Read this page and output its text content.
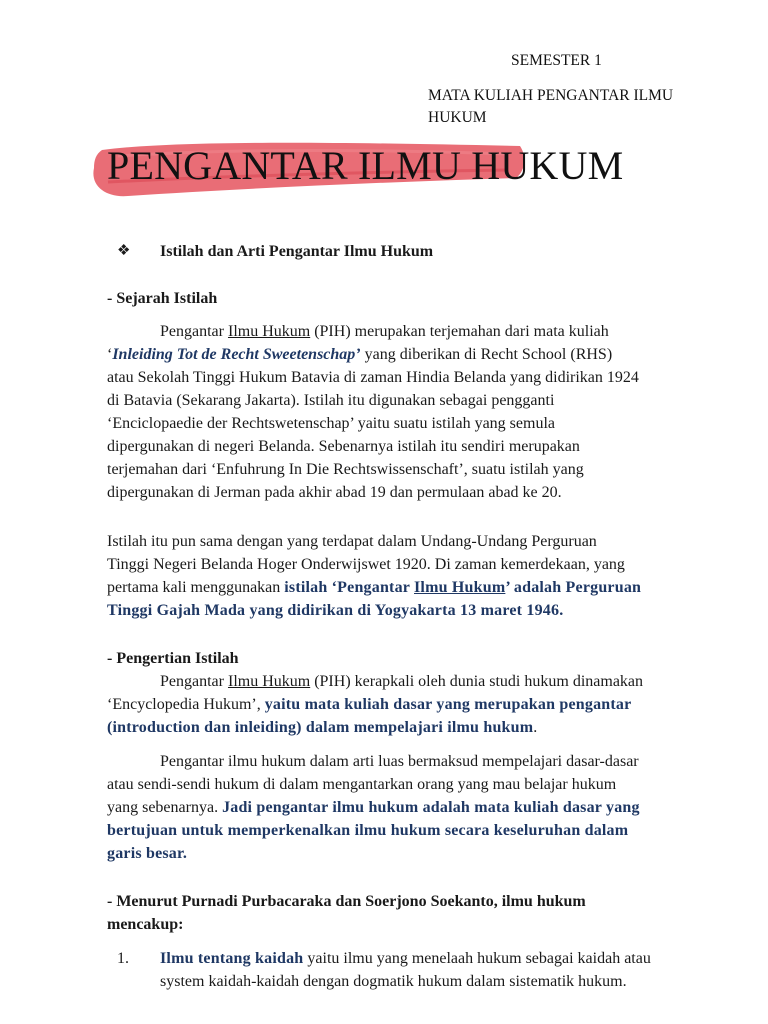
SEMESTER 1
MATA KULIAH PENGANTAR ILMU
HUKUM
PENGANTAR ILMU HUKUM
❖ Istilah dan Arti Pengantar Ilmu Hukum
- Sejarah Istilah
Pengantar Ilmu Hukum (PIH) merupakan terjemahan dari mata kuliah
‘Inleiding Tot de Recht Sweetenschap’ yang diberikan di Recht School (RHS)
atau Sekolah Tinggi Hukum Batavia di zaman Hindia Belanda yang didirikan 1924
di Batavia (Sekarang Jakarta). Istilah itu digunakan sebagai pengganti
‘Enciclopaedie der Rechtswetenschap’ yaitu suatu istilah yang semula
dipergunakan di negeri Belanda. Sebenarnya istilah itu sendiri merupakan
terjemahan dari ‘Enfuhrung In Die Rechtswissenschaft’, suatu istilah yang
dipergunakan di Jerman pada akhir abad 19 dan permulaan abad ke 20.
Istilah itu pun sama dengan yang terdapat dalam Undang-Undang Perguruan
Tinggi Negeri Belanda Hoger Onderwijswet 1920. Di zaman kemerdekaan, yang
pertama kali menggunakan istilah ‘Pengantar Ilmu Hukum’ adalah Perguruan
Tinggi Gajah Mada yang didirikan di Yogyakarta 13 maret 1946.
- Pengertian Istilah
Pengantar Ilmu Hukum (PIH) kerapkali oleh dunia studi hukum dinamakan
‘Encyclopedia Hukum’, yaitu mata kuliah dasar yang merupakan pengantar
(introduction dan inleiding) dalam mempelajari ilmu hukum.
Pengantar ilmu hukum dalam arti luas bermaksud mempelajari dasar-dasar
atau sendi-sendi hukum di dalam mengantarkan orang yang mau belajar hukum
yang sebenarnya. Jadi pengantar ilmu hukum adalah mata kuliah dasar yang
bertujuan untuk memperkenalkan ilmu hukum secara keseluruhan dalam
garis besar.
- Menurut Purnadi Purbacaraka dan Soerjono Soekanto, ilmu hukum
mencakup:
1. Ilmu tentang kaidah yaitu ilmu yang menelaah hukum sebagai kaidah atau
system kaidah-kaidah dengan dogmatik hukum dalam sistematik hukum.
